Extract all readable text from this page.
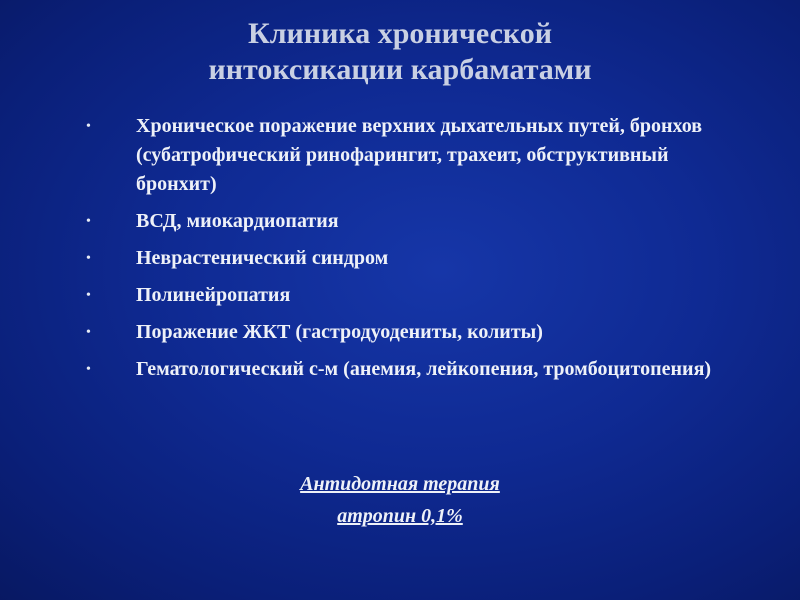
Клиника хронической
интоксикации карбаматами
• Хроническое поражение верхних дыхательных путей, бронхов (субатрофический ринофарингит, трахеит, обструктивный бронхит)
• ВСД, миокардиопатия
• Неврастенический синдром
• Полинейропатия
• Поражение ЖКТ (гастродуодениты, колиты)
• Гематологический с-м (анемия, лейкопения, тромбоцитопения)
Антидотная терапия
атропин 0,1%
